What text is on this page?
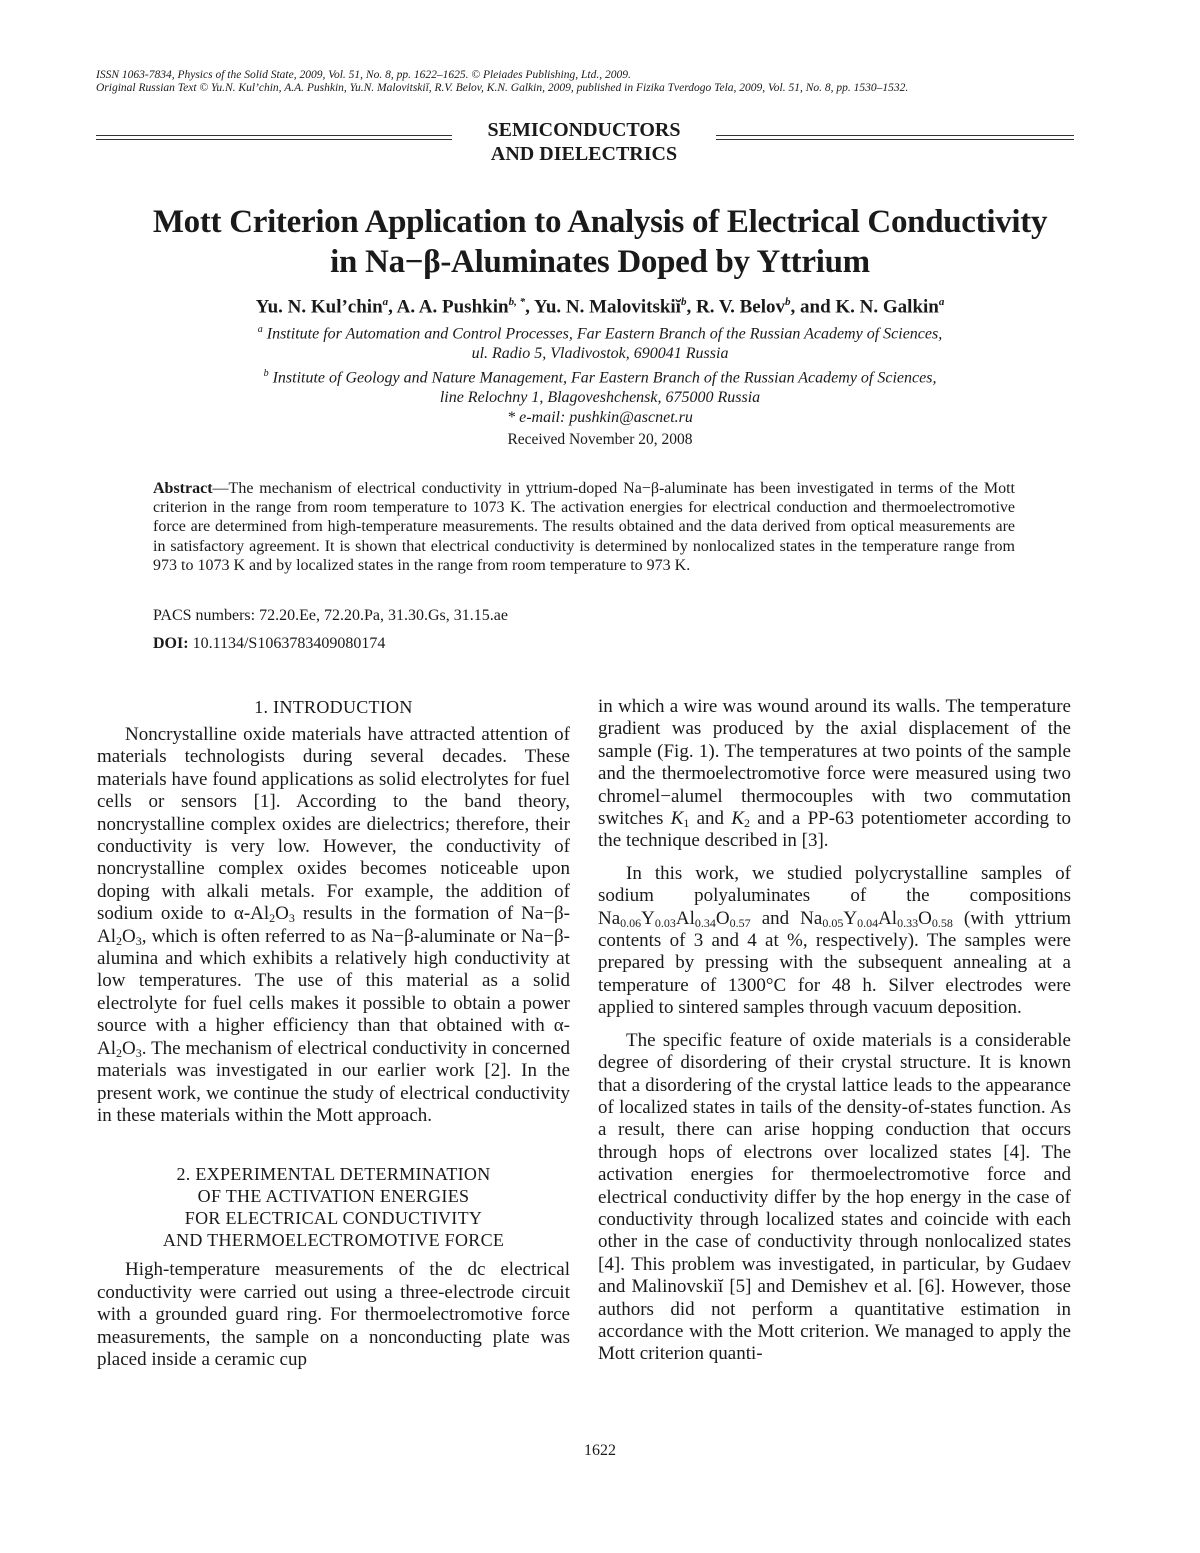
ISSN 1063-7834, Physics of the Solid State, 2009, Vol. 51, No. 8, pp. 1622–1625. © Pleiades Publishing, Ltd., 2009.
Original Russian Text © Yu.N. Kul’chin, A.A. Pushkin, Yu.N. Malovitskiĭ, R.V. Belov, K.N. Galkin, 2009, published in Fizika Tverdogo Tela, 2009, Vol. 51, No. 8, pp. 1530–1532.
SEMICONDUCTORS
AND DIELECTRICS
Mott Criterion Application to Analysis of Electrical Conductivity
in Na−β-Aluminates Doped by Yttrium
Yu. N. Kul’chin$^a$, A. A. Pushkin$^{b, *}$, Yu. N. Malovitskiĭ$^b$, R. V. Belov$^b$, and K. N. Galkin$^a$
$^a$ Institute for Automation and Control Processes, Far Eastern Branch of the Russian Academy of Sciences,
ul. Radio 5, Vladivostok, 690041 Russia
$^b$ Institute of Geology and Nature Management, Far Eastern Branch of the Russian Academy of Sciences,
line Relochny 1, Blagoveshchensk, 675000 Russia
* e-mail: pushkin@ascnet.ru
Received November 20, 2008
Abstract—The mechanism of electrical conductivity in yttrium-doped Na−β-aluminate has been investigated in terms of the Mott criterion in the range from room temperature to 1073 K. The activation energies for electrical conduction and thermoelectromotive force are determined from high-temperature measurements. The results obtained and the data derived from optical measurements are in satisfactory agreement. It is shown that electrical conductivity is determined by nonlocalized states in the temperature range from 973 to 1073 K and by localized states in the range from room temperature to 973 K.
PACS numbers: 72.20.Ee, 72.20.Pa, 31.30.Gs, 31.15.ae
DOI: 10.1134/S1063783409080174

1. INTRODUCTION

Noncrystalline oxide materials have attracted attention of materials technologists during several decades. These materials have found applications as solid electrolytes for fuel cells or sensors [1]. According to the band theory, noncrystalline complex oxides are dielectrics; therefore, their conductivity is very low. However, the conductivity of noncrystalline complex oxides becomes noticeable upon doping with alkali metals. For example, the addition of sodium oxide to $\alpha-Al_2O_3$ results in the formation of $Na-\beta-Al_2O_3$, which is often referred to as Na−β-aluminate or Na−β-alumina and which exhibits a relatively high conductivity at low temperatures. The use of this material as a solid electrolyte for fuel cells makes it possible to obtain a power source with a higher efficiency than that obtained with $\alpha-Al_2O_3$. The mechanism of electrical conductivity in concerned materials was investigated in our earlier work [2]. In the present work, we continue the study of electrical conductivity in these materials within the Mott approach.

2. EXPERIMENTAL DETERMINATION
OF THE ACTIVATION ENERGIES
FOR ELECTRICAL CONDUCTIVITY
AND THERMOELECTROMOTIVE FORCE

High-temperature measurements of the dc electrical conductivity were carried out using a three-electrode circuit with a grounded guard ring. For thermoelectromotive force measurements, the sample on a nonconducting plate was placed inside a ceramic cup

in which a wire was wound around its walls. The temperature gradient was produced by the axial displacement of the sample (Fig. 1). The temperatures at two points of the sample and the thermoelectromotive force were measured using two chromel−alumel thermocouples with two commutation switches $K_1$ and $K_2$ and a PP-63 potentiometer according to the technique described in [3].

In this work, we studied polycrystalline samples of sodium polyaluminates of the compositions $Na_{0.06}Y_{0.03}Al_{0.34}O_{0.57}$ and $Na_{0.05}Y_{0.04}Al_{0.33}O_{0.58}$ (with yttrium contents of 3 and 4 at %, respectively). The samples were prepared by pressing with the subsequent annealing at a temperature of 1300°C for 48 h. Silver electrodes were applied to sintered samples through vacuum deposition.

The specific feature of oxide materials is a considerable degree of disordering of their crystal structure. It is known that a disordering of the crystal lattice leads to the appearance of localized states in tails of the density-of-states function. As a result, there can arise hopping conduction that occurs through hops of electrons over localized states [4]. The activation energies for thermoelectromotive force and electrical conductivity differ by the hop energy in the case of conductivity through localized states and coincide with each other in the case of conductivity through nonlocalized states [4]. This problem was investigated, in particular, by Gudaev and Malinovskiĭ [5] and Demishev et al. [6]. However, those authors did not perform a quantitative estimation in accordance with the Mott criterion. We managed to apply the Mott criterion quanti-

1622
